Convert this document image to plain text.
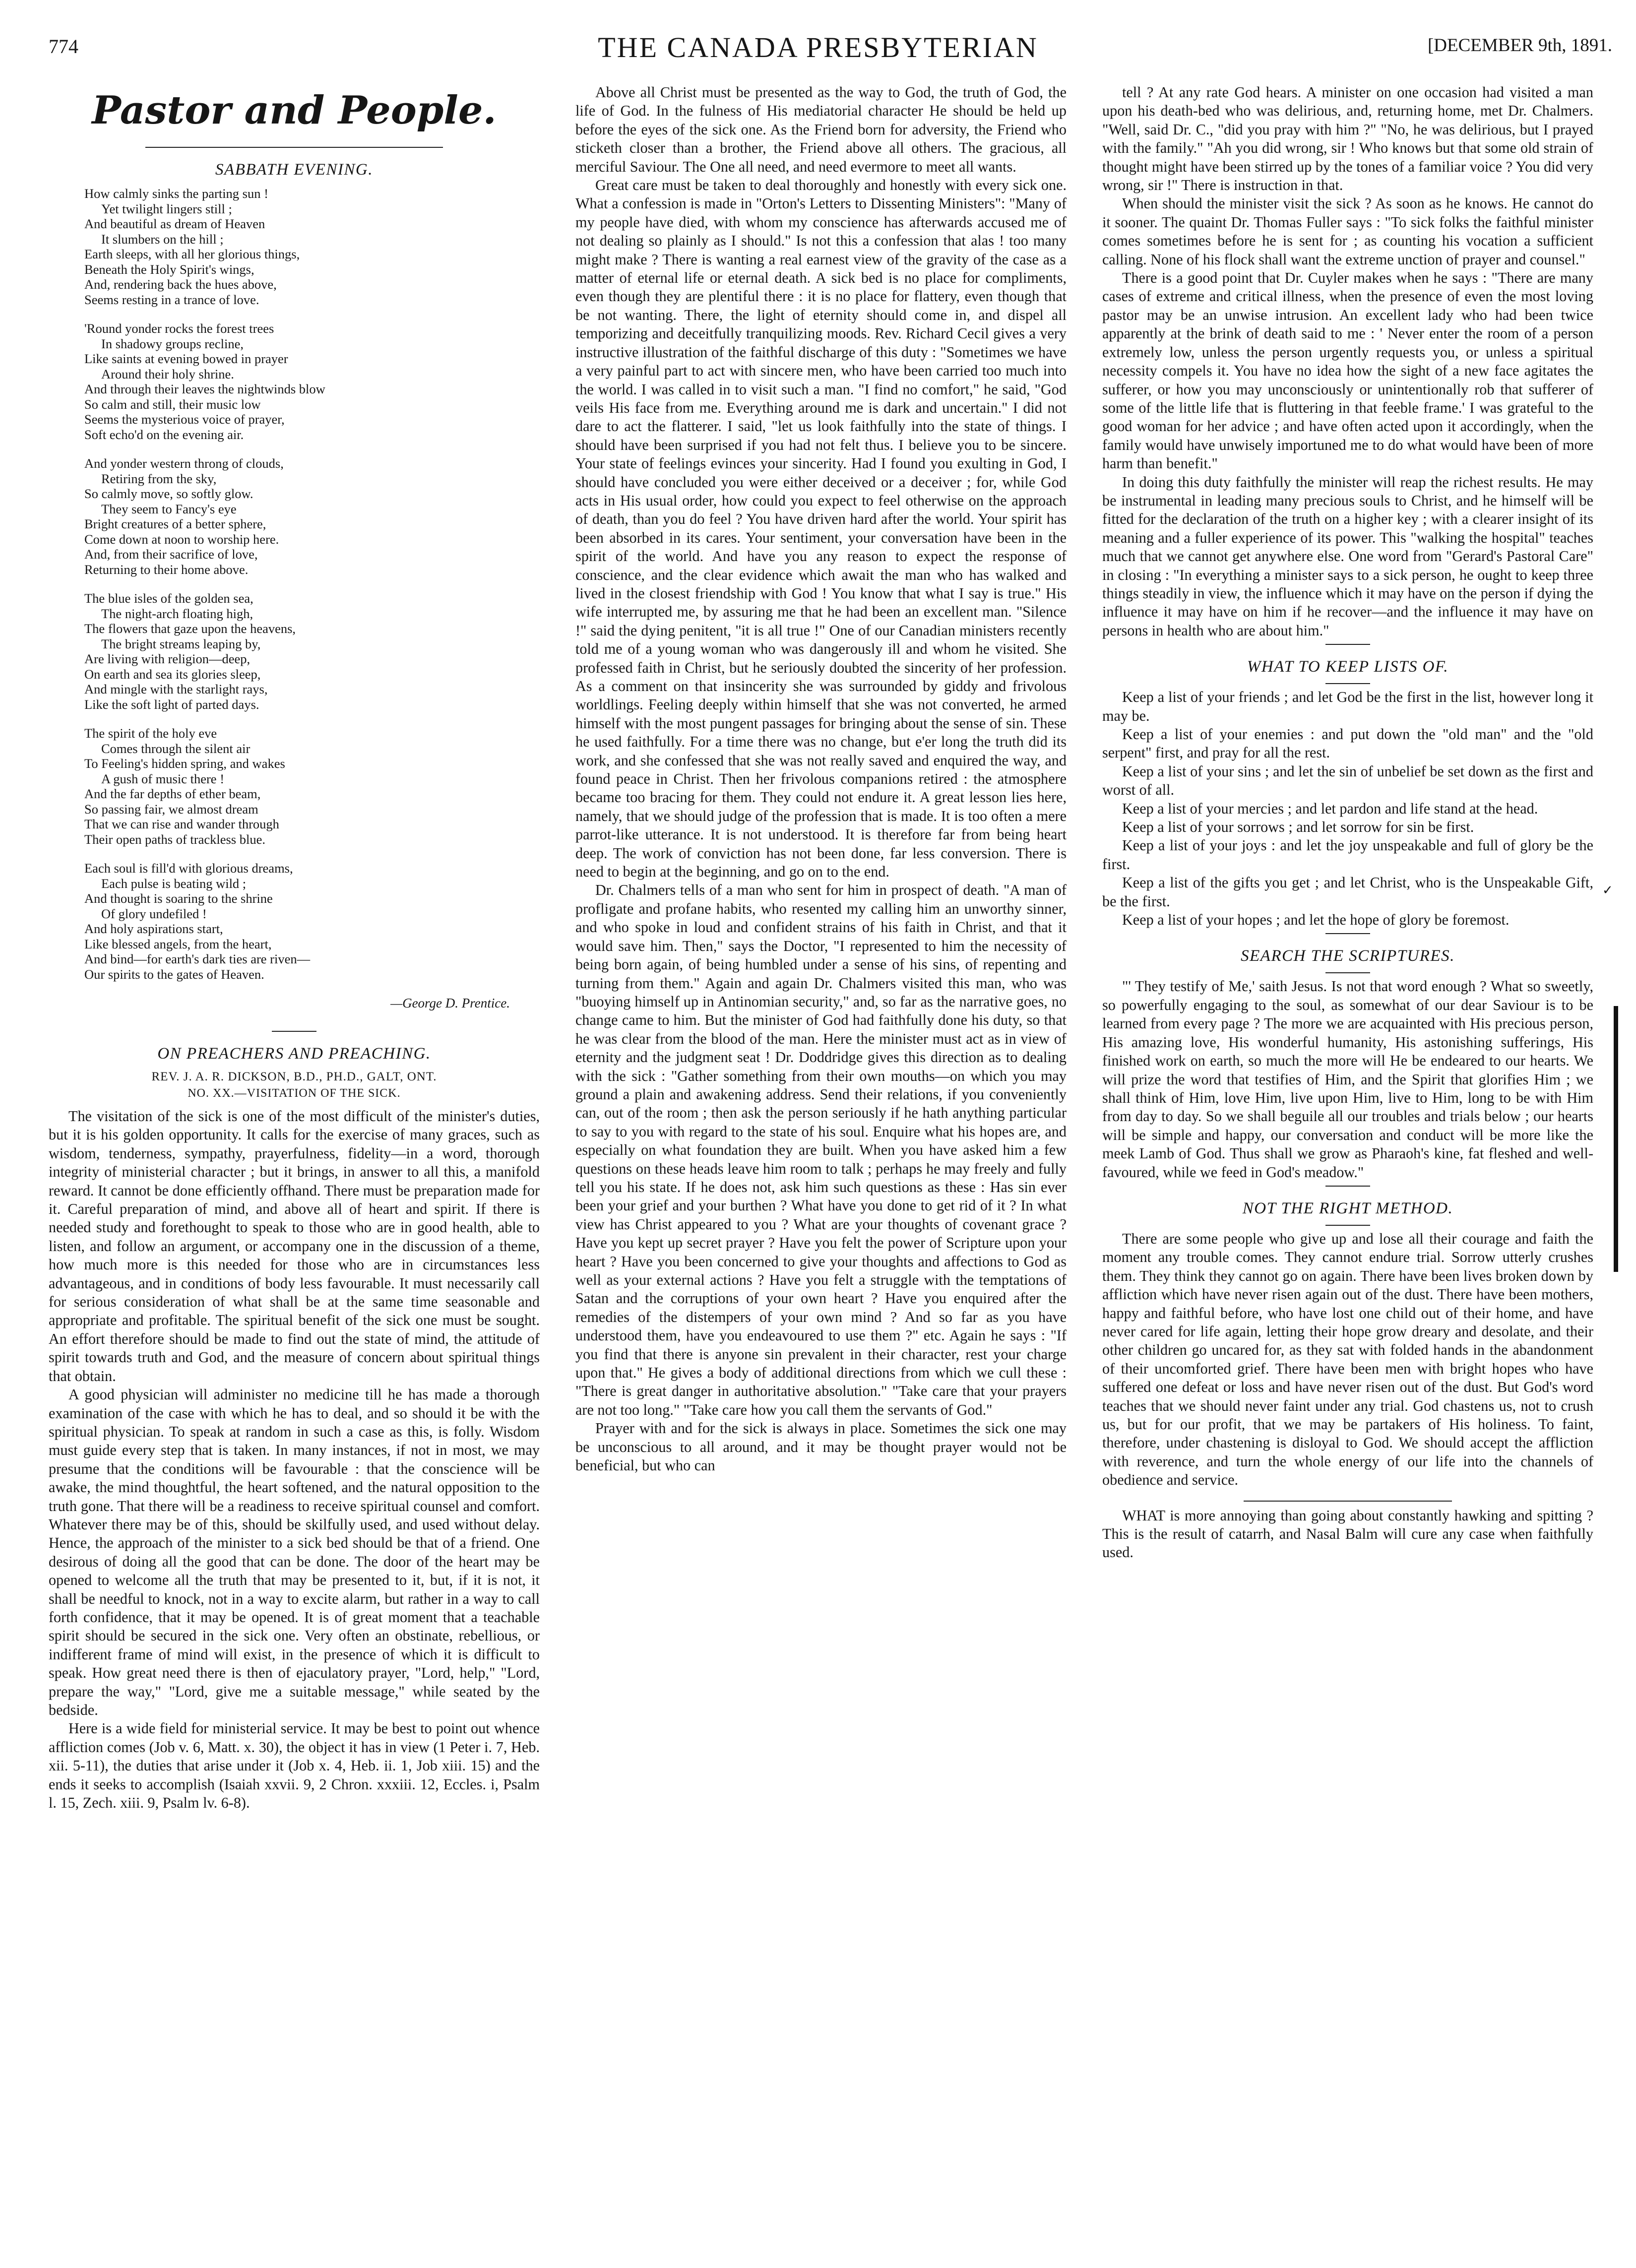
THE CANADA PRESBYTERIAN
774	[DECEMBER 9th, 1891.
Pastor and People.
SABBATH EVENING.
How calmly sinks the parting sun !
Yet twilight lingers still ;
And beautiful as dream of Heaven
It slumbers on the hill ;
Earth sleeps, with all her glorious things,
Beneath the Holy Spirit's wings,
And, rendering back the hues above,
Seems resting in a trance of love.
'Round yonder rocks the forest trees
In shadowy groups recline,
Like saints at evening bowed in prayer
Around their holy shrine.
And through their leaves the nightwinds blow
So calm and still, their music low
Seems the mysterious voice of prayer,
Soft echo'd on the evening air.
And yonder western throng of clouds,
Retiring from the sky,
So calmly move, so softly glow.
They seem to Fancy's eye
Bright creatures of a better sphere,
Come down at noon to worship here.
And, from their sacrifice of love,
Returning to their home above.
The blue isles of the golden sea,
The night-arch floating high,
The flowers that gaze upon the heavens,
The bright streams leaping by,
Are living with religion—deep,
On earth and sea its glories sleep,
And mingle with the starlight rays,
Like the soft light of parted days.
The spirit of the holy eve
Comes through the silent air
To Feeling's hidden spring, and wakes
A gush of music there !
And the far depths of ether beam,
So passing fair, we almost dream
That we can rise and wander through
Their open paths of trackless blue.
Each soul is fill'd with glorious dreams,
Each pulse is beating wild ;
And thought is soaring to the shrine
Of glory undefiled !
And holy aspirations start,
Like blessed angels, from the heart,
And bind—for earth's dark ties are riven—
Our spirits to the gates of Heaven.
—George D. Prentice.
ON PREACHERS AND PREACHING.
REV. J. A. R. DICKSON, B.D., PH.D., GALT, ONT.
NO. XX.—VISITATION OF THE SICK.

The visitation of the sick is one of the most difficult of the minister's duties, but it is his golden opportunity. It calls for the exercise of many graces, such as wisdom, tenderness, sympathy, prayerfulness, fidelity—in a word, thorough integrity of ministerial character ; but it brings, in answer to all this, a manifold reward. It cannot be done efficiently offhand. There must be preparation made for it. Careful preparation of mind, and above all of heart and spirit. If there is needed study and forethought to speak to those who are in good health, able to listen, and follow an argument, or accompany one in the discussion of a theme, how much more is this needed for those who are in circumstances less advantageous, and in conditions of body less favourable. It must necessarily call for serious consideration of what shall be at the same time seasonable and appropriate and profitable. The spiritual benefit of the sick one must be sought. An effort therefore should be made to find out the state of mind, the attitude of spirit towards truth and God, and the measure of concern about spiritual things that obtain.

A good physician will administer no medicine till he has made a thorough examination of the case with which he has to deal, and so should it be with the spiritual physician. To speak at random in such a case as this, is folly. Wisdom must guide every step that is taken. In many instances, if not in most, we may presume that the conditions will be favourable : that the conscience will be awake, the mind thoughtful, the heart softened, and the natural opposition to the truth gone. That there will be a readiness to receive spiritual counsel and comfort. Whatever there may be of this, should be skilfully used, and used without delay. Hence, the approach of the minister to a sick bed should be that of a friend. One desirous of doing all the good that can be done. The door of the heart may be opened to welcome all the truth that may be presented to it, but, if it is not, it shall be needful to knock, not in a way to excite alarm, but rather in a way to call forth confidence, that it may be opened. It is of great moment that a teachable spirit should be secured in the sick one. Very often an obstinate, rebellious, or indifferent frame of mind will exist, in the presence of which it is difficult to speak. How great need there is then of ejaculatory prayer, "Lord, help," "Lord, prepare the way," "Lord, give me a suitable message," while seated by the bedside.

Here is a wide field for ministerial service. It may be best to point out whence affliction comes (Job v. 6, Matt. x. 30), the object it has in view (1 Peter i. 7, Heb. xii. 5-11), the duties that arise under it (Job x. 4, Heb. ii. 1, Job xiii. 15) and the ends it seeks to accomplish (Isaiah xxvii. 9, 2 Chron. xxxiii. 12, Eccles. i, Psalm l. 15, Zech. xiii. 9, Psalm lv. 6-8).

Above all Christ must be presented as the way to God, the truth of God, the life of God. In the fulness of His mediatorial character He should be held up before the eyes of the sick one. As the Friend born for adversity, the Friend who sticketh closer than a brother, the Friend above all others. The gracious, all merciful Saviour. The One all need, and need evermore to meet all wants.

Great care must be taken to deal thoroughly and honestly with every sick one. What a confession is made in "Orton's Letters to Dissenting Ministers": "Many of my people have died, with whom my conscience has afterwards accused me of not dealing so plainly as I should." Is not this a confession that alas ! too many might make ? There is wanting a real earnest view of the gravity of the case as a matter of eternal life or eternal death. A sick bed is no place for compliments, even though they are plentiful there : it is no place for flattery, even though that be not wanting. There, the light of eternity should come in, and dispel all temporizing and deceitfully tranquilizing moods. Rev. Richard Cecil gives a very instructive illustration of the faithful discharge of this duty : "Sometimes we have a very painful part to act with sincere men, who have been carried too much into the world. I was called in to visit such a man. "I find no comfort," he said, "God veils His face from me. Everything around me is dark and uncertain." I did not dare to act the flatterer. I said, "let us look faithfully into the state of things. I should have been surprised if you had not felt thus. I believe you to be sincere. Your state of feelings evinces your sincerity. Had I found you exulting in God, I should have concluded you were either deceived or a deceiver ; for, while God acts in His usual order, how could you expect to feel otherwise on the approach of death, than you do feel ? You have driven hard after the world. Your spirit has been absorbed in its cares. Your sentiment, your conversation have been in the spirit of the world. And have you any reason to expect the response of conscience, and the clear evidence which await the man who has walked and lived in the closest friendship with God ! You know that what I say is true." His wife interrupted me, by assuring me that he had been an excellent man. "Silence !" said the dying penitent, "it is all true !" One of our Canadian ministers recently told me of a young woman who was dangerously ill and whom he visited. She professed faith in Christ, but he seriously doubted the sincerity of her profession. As a comment on that insincerity she was surrounded by giddy and frivolous worldlings. Feeling deeply within himself that she was not converted, he armed himself with the most pungent passages for bringing about the sense of sin. These he used faithfully. For a time there was no change, but e'er long the truth did its work, and she confessed that she was not really saved and enquired the way, and found peace in Christ. Then her frivolous companions retired : the atmosphere became too bracing for them. They could not endure it. A great lesson lies here, namely, that we should judge of the profession that is made. It is too often a mere parrot-like utterance. It is not understood. It is therefore far from being heart deep. The work of conviction has not been done, far less conversion. There is need to begin at the beginning, and go on to the end.

Dr. Chalmers tells of a man who sent for him in prospect of death. "A man of profligate and profane habits, who resented my calling him an unworthy sinner, and who spoke in loud and confident strains of his faith in Christ, and that it would save him. Then," says the Doctor, "I represented to him the necessity of being born again, of being humbled under a sense of his sins, of repenting and turning from them." Again and again Dr. Chalmers visited this man, who was "buoying himself up in Antinomian security," and, so far as the narrative goes, no change came to him. But the minister of God had faithfully done his duty, so that he was clear from the blood of the man. Here the minister must act as in view of eternity and the judgment seat ! Dr. Doddridge gives this direction as to dealing with the sick : "Gather something from their own mouths—on which you may ground a plain and awakening address. Send their relations, if you conveniently can, out of the room ; then ask the person seriously if he hath anything particular to say to you with regard to the state of his soul. Enquire what his hopes are, and especially on what foundation they are built. When you have asked him a few questions on these heads leave him room to talk ; perhaps he may freely and fully tell you his state. If he does not, ask him such questions as these : Has sin ever been your grief and your burthen ? What have you done to get rid of it ? In what view has Christ appeared to you ? What are your thoughts of covenant grace ? Have you kept up secret prayer ? Have you felt the power of Scripture upon your heart ? Have you been concerned to give your thoughts and affections to God as well as your external actions ? Have you felt a struggle with the temptations of Satan and the corruptions of your own heart ? Have you enquired after the remedies of the distempers of your own mind ? And so far as you have understood them, have you endeavoured to use them ?" etc. Again he says : "If you find that there is anyone sin prevalent in their character, rest your charge upon that." He gives a body of additional directions from which we cull these : "There is great danger in authoritative absolution." "Take care that your prayers are not too long." "Take care how you call them the servants of God."

Prayer with and for the sick is always in place. Sometimes the sick one may be unconscious to all around, and it may be thought prayer would not be beneficial, but who can

tell ? At any rate God hears. A minister on one occasion had visited a man upon his death-bed who was delirious, and, returning home, met Dr. Chalmers. "Well, said Dr. C., "did you pray with him ?" "No, he was delirious, but I prayed with the family." "Ah you did wrong, sir ! Who knows but that some old strain of thought might have been stirred up by the tones of a familiar voice ? You did very wrong, sir !" There is instruction in that.

When should the minister visit the sick ? As soon as he knows. He cannot do it sooner. The quaint Dr. Thomas Fuller says : "To sick folks the faithful minister comes sometimes before he is sent for ; as counting his vocation a sufficient calling. None of his flock shall want the extreme unction of prayer and counsel."

There is a good point that Dr. Cuyler makes when he says : "There are many cases of extreme and critical illness, when the presence of even the most loving pastor may be an unwise intrusion. An excellent lady who had been twice apparently at the brink of death said to me : ' Never enter the room of a person extremely low, unless the person urgently requests you, or unless a spiritual necessity compels it. You have no idea how the sight of a new face agitates the sufferer, or how you may unconsciously or unintentionally rob that sufferer of some of the little life that is fluttering in that feeble frame.' I was grateful to the good woman for her advice ; and have often acted upon it accordingly, when the family would have unwisely importuned me to do what would have been of more harm than benefit."

In doing this duty faithfully the minister will reap the richest results. He may be instrumental in leading many precious souls to Christ, and he himself will be fitted for the declaration of the truth on a higher key ; with a clearer insight of its meaning and a fuller experience of its power. This "walking the hospital" teaches much that we cannot get anywhere else. One word from "Gerard's Pastoral Care" in closing : "In everything a minister says to a sick person, he ought to keep three things steadily in view, the influence which it may have on the person if dying the influence it may have on him if he recover—and the influence it may have on persons in health who are about him."

WHAT TO KEEP LISTS OF.

Keep a list of your friends ; and let God be the first in the list, however long it may be.

Keep a list of your enemies : and put down the "old man" and the "old serpent" first, and pray for all the rest.

Keep a list of your sins ; and let the sin of unbelief be set down as the first and worst of all.

Keep a list of your mercies ; and let pardon and life stand at the head.

Keep a list of your sorrows ; and let sorrow for sin be first.

Keep a list of your joys : and let the joy unspeakable and full of glory be the first.

Keep a list of the gifts you get ; and let Christ, who is the Unspeakable Gift, be the first.

Keep a list of your hopes ; and let the hope of glory be foremost.

SEARCH THE SCRIPTURES.

"' They testify of Me,' saith Jesus. Is not that word enough ? What so sweetly, so powerfully engaging to the soul, as somewhat of our dear Saviour is to be learned from every page ? The more we are acquainted with His precious person, His amazing love, His wonderful humanity, His astonishing sufferings, His finished work on earth, so much the more will He be endeared to our hearts. We will prize the word that testifies of Him, and the Spirit that glorifies Him ; we shall think of Him, love Him, live upon Him, live to Him, long to be with Him from day to day. So we shall beguile all our troubles and trials below ; our hearts will be simple and happy, our conversation and conduct will be more like the meek Lamb of God. Thus shall we grow as Pharaoh's kine, fat fleshed and well-favoured, while we feed in God's meadow."

NOT THE RIGHT METHOD.

There are some people who give up and lose all their courage and faith the moment any trouble comes. They cannot endure trial. Sorrow utterly crushes them. They think they cannot go on again. There have been lives broken down by affliction which have never risen again out of the dust. There have been mothers, happy and faithful before, who have lost one child out of their home, and have never cared for life again, letting their hope grow dreary and desolate, and their other children go uncared for, as they sat with folded hands in the abandonment of their uncomforted grief. There have been men with bright hopes who have suffered one defeat or loss and have never risen out of the dust. But God's word teaches that we should never faint under any trial. God chastens us, not to crush us, but for our profit, that we may be partakers of His holiness. To faint, therefore, under chastening is disloyal to God. We should accept the affliction with reverence, and turn the whole energy of our life into the channels of obedience and service.

WHAT is more annoying than going about constantly hawking and spitting ? This is the result of catarrh, and Nasal Balm will cure any case when faithfully used.

✓
